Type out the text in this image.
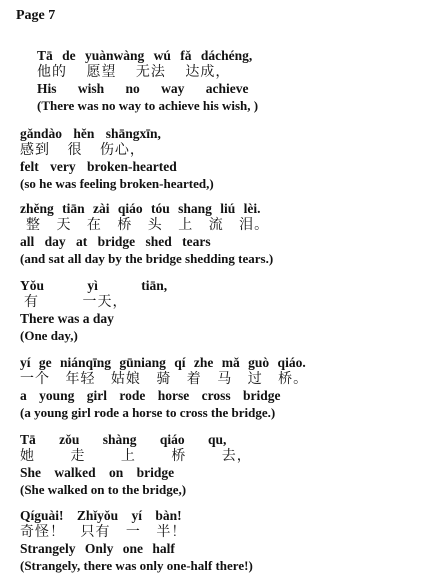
Page 7
Tā de yuànwàng wú fǎ dáchéng,
他的 愿望 无法 达成，
His wish no way achieve
(There was no way to achieve his wish, )
gǎndào hěn shāngxīn,
感到 很 伤心，
felt very broken-hearted
(so he was feeling broken-hearted,)
zhěng tiān zài qiáo tóu shang liú lèi.
整 天 在 桥 头 上 流 泪。
all day at bridge shed tears
(and sat all day by the bridge shedding tears.)
Yǒu yì tiān,
有 一天，
There was a day
(One day,)
yí ge niánqīng gūniang qí zhe mǎ guò qiáo.
一个 年轻 姑娘 骑 着 马 过 桥。
a young girl rode horse cross bridge
(a young girl rode a horse to cross the bridge.)
Tā zǒu shàng qiáo qu,
她 走 上 桥 去，
She walked on bridge
(She walked on to the bridge,)
Qíguài! Zhǐyǒu yí bàn!
奇怪！ 只有 一 半！
Strangely Only one half
(Strangely, there was only one-half there!)
